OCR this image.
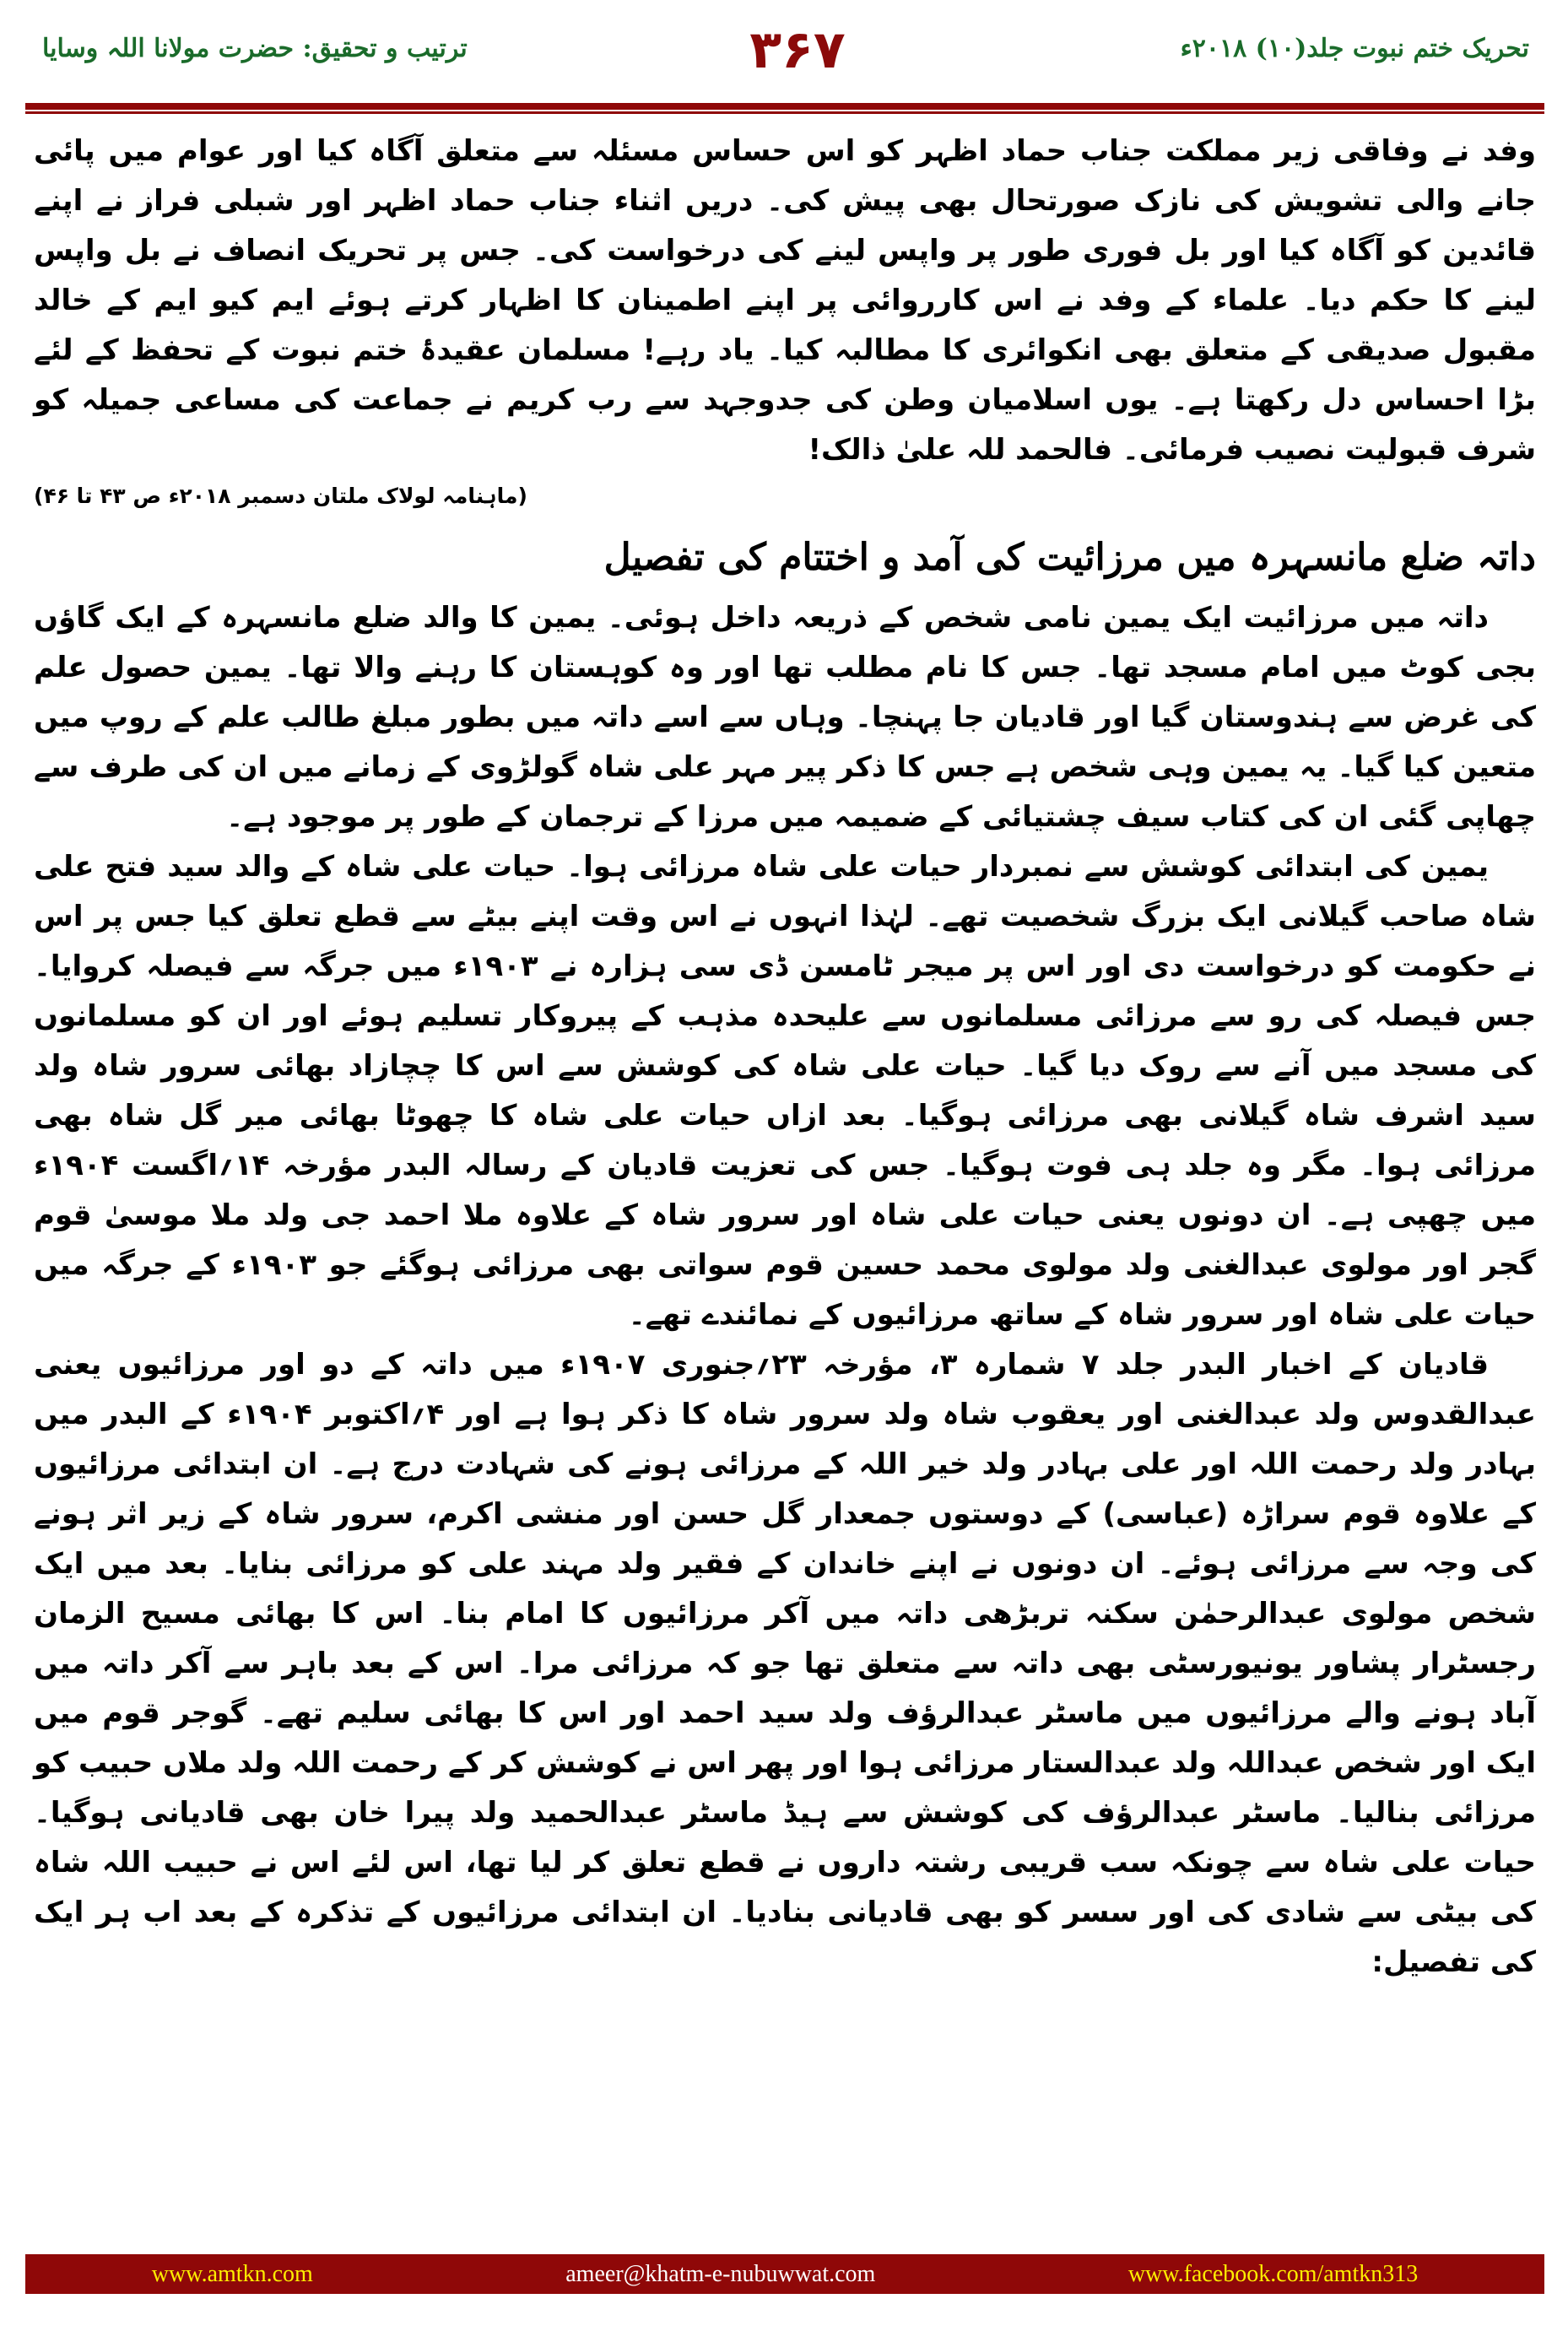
ترتیب و تحقیق: حضرت مولانا اللہ وسایا	۳۶۷	تحریک ختم نبوت جلد(۱۰) ۲۰۱۸ء

وفد نے وفاقی زیر مملکت جناب حماد اظہر کو اس حساس مسئلہ سے متعلق آگاہ کیا اور عوام میں پائی جانے والی تشویش کی نازک صورتحال بھی پیش کی۔ دریں اثناء جناب حماد اظہر اور شبلی فراز نے اپنے قائدین کو آگاہ کیا اور بل فوری طور پر واپس لینے کی درخواست کی۔ جس پر تحریک انصاف نے بل واپس لینے کا حکم دیا۔ علماء کے وفد نے اس کارروائی پر اپنے اطمینان کا اظہار کرتے ہوئے ایم کیو ایم کے خالد مقبول صدیقی کے متعلق بھی انکوائری کا مطالبہ کیا۔ یاد رہے! مسلمان عقیدۂ ختم نبوت کے تحفظ کے لئے بڑا احساس دل رکھتا ہے۔ یوں اسلامیان وطن کی جدوجہد سے رب کریم نے جماعت کی مساعی جمیلہ کو شرف قبولیت نصیب فرمائی۔ فالحمد للہ علیٰ ذالک!

(ماہنامہ لولاک ملتان دسمبر ۲۰۱۸ء ص ۴۳ تا ۴۶)
داتہ ضلع مانسہرہ میں مرزائیت کی آمد و اختتام کی تفصیل

داتہ میں مرزائیت ایک یمین نامی شخص کے ذریعہ داخل ہوئی۔ یمین کا والد ضلع مانسہرہ کے ایک گاؤں بجی کوٹ میں امام مسجد تھا۔ جس کا نام مطلب تھا اور وہ کوہستان کا رہنے والا تھا۔ یمین حصول علم کی غرض سے ہندوستان گیا اور قادیان جا پہنچا۔ وہاں سے اسے داتہ میں بطور مبلغ طالب علم کے روپ میں متعین کیا گیا۔ یہ یمین وہی شخص ہے جس کا ذکر پیر مہر علی شاہ گولڑوی کے زمانے میں ان کی طرف سے چھاپی گئی ان کی کتاب سیف چشتیائی کے ضمیمہ میں مرزا کے ترجمان کے طور پر موجود ہے۔

یمین کی ابتدائی کوشش سے نمبردار حیات علی شاہ مرزائی ہوا۔ حیات علی شاہ کے والد سید فتح علی شاہ صاحب گیلانی ایک بزرگ شخصیت تھے۔ لہٰذا انہوں نے اس وقت اپنے بیٹے سے قطع تعلق کیا جس پر اس نے حکومت کو درخواست دی اور اس پر میجر ٹامسن ڈی سی ہزارہ نے ۱۹۰۳ء میں جرگہ سے فیصلہ کروایا۔ جس فیصلہ کی رو سے مرزائی مسلمانوں سے علیحدہ مذہب کے پیروکار تسلیم ہوئے اور ان کو مسلمانوں کی مسجد میں آنے سے روک دیا گیا۔ حیات علی شاہ کی کوشش سے اس کا چچازاد بھائی سرور شاہ ولد سید اشرف شاہ گیلانی بھی مرزائی ہوگیا۔ بعد ازاں حیات علی شاہ کا چھوٹا بھائی میر گل شاہ بھی مرزائی ہوا۔ مگر وہ جلد ہی فوت ہوگیا۔ جس کی تعزیت قادیان کے رسالہ البدر مؤرخہ ۱۴؍اگست ۱۹۰۴ء میں چھپی ہے۔ ان دونوں یعنی حیات علی شاہ اور سرور شاہ کے علاوہ ملا احمد جی ولد ملا موسیٰ قوم گجر اور مولوی عبدالغنی ولد مولوی محمد حسین قوم سواتی بھی مرزائی ہوگئے جو ۱۹۰۳ء کے جرگہ میں حیات علی شاہ اور سرور شاہ کے ساتھ مرزائیوں کے نمائندے تھے۔

قادیان کے اخبار البدر جلد ۷ شمارہ ۳، مؤرخہ ۲۳؍جنوری ۱۹۰۷ء میں داتہ کے دو اور مرزائیوں یعنی عبدالقدوس ولد عبدالغنی اور یعقوب شاہ ولد سرور شاہ کا ذکر ہوا ہے اور ۴؍اکتوبر ۱۹۰۴ء کے البدر میں بہادر ولد رحمت اللہ اور علی بہادر ولد خیر اللہ کے مرزائی ہونے کی شہادت درج ہے۔ ان ابتدائی مرزائیوں کے علاوہ قوم سراڑہ (عباسی) کے دوستوں جمعدار گل حسن اور منشی اکرم، سرور شاہ کے زیر اثر ہونے کی وجہ سے مرزائی ہوئے۔ ان دونوں نے اپنے خاندان کے فقیر ولد مہند علی کو مرزائی بنایا۔ بعد میں ایک شخص مولوی عبدالرحمٰن سکنہ تربڑھی داتہ میں آکر مرزائیوں کا امام بنا۔ اس کا بھائی مسیح الزمان رجسٹرار پشاور یونیورسٹی بھی داتہ سے متعلق تھا جو کہ مرزائی مرا۔ اس کے بعد باہر سے آکر داتہ میں آباد ہونے والے مرزائیوں میں ماسٹر عبدالرؤف ولد سید احمد اور اس کا بھائی سلیم تھے۔ گوجر قوم میں ایک اور شخص عبداللہ ولد عبدالستار مرزائی ہوا اور پھر اس نے کوشش کر کے رحمت اللہ ولد ملاں حبیب کو مرزائی بنالیا۔ ماسٹر عبدالرؤف کی کوشش سے ہیڈ ماسٹر عبدالحمید ولد پیرا خان بھی قادیانی ہوگیا۔ حیات علی شاہ سے چونکہ سب قریبی رشتہ داروں نے قطع تعلق کر لیا تھا، اس لئے اس نے حبیب اللہ شاہ کی بیٹی سے شادی کی اور سسر کو بھی قادیانی بنادیا۔ ان ابتدائی مرزائیوں کے تذکرہ کے بعد اب ہر ایک کی تفصیل:

www.amtkn.com	ameer@khatm-e-nubuwwat.com	www.facebook.com/amtkn313
